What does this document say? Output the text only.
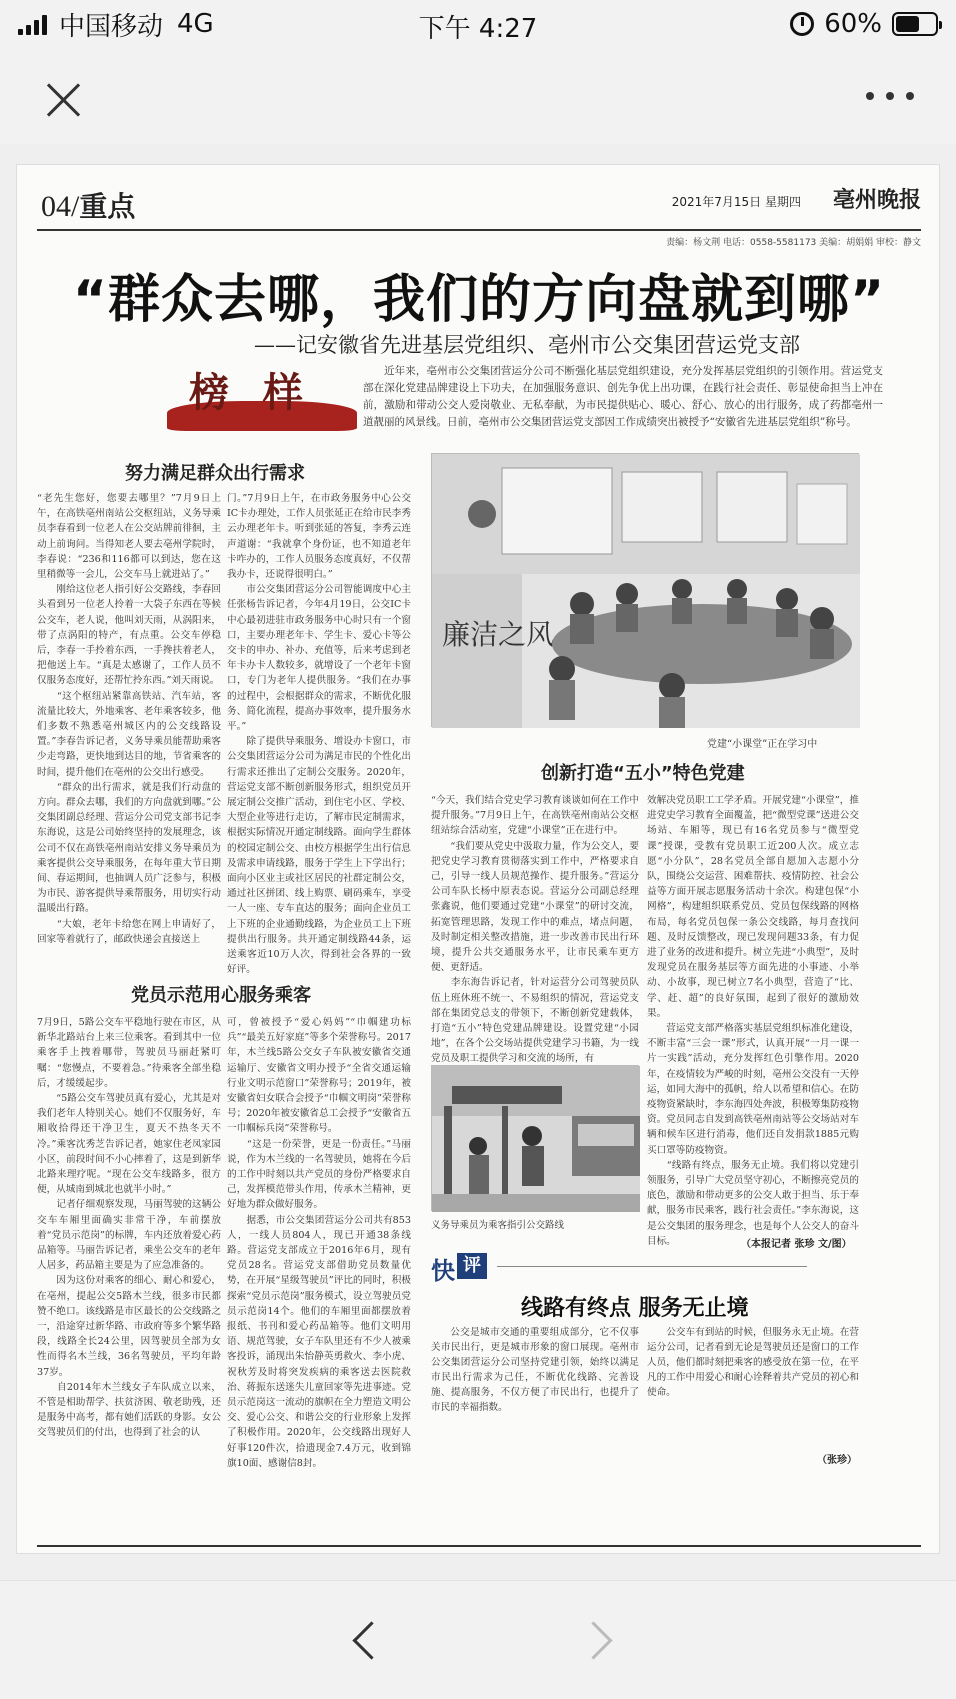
中国移动 4G	下午 4:27	60%
04/重点	2021年7月15日 星期四 亳州晚报
责编：杨文荆 电话：0558-5581173 美编：胡娟娟 审校：静文
“群众去哪，我们的方向盘就到哪”
——记安徽省先进基层党组织、亳州市公交集团营运党支部
榜 样	近年来，亳州市公交集团营运分公司不断强化基层党组织建设，充分发挥基层党组织的引领作用。营运党支部在深化党建品牌建设上下功夫，在加强服务意识、创先争优上出功课，在践行社会责任、彰显使命担当上冲在前，激励和带动公交人爱岗敬业、无私奉献，为市民提供贴心、暖心、舒心、放心的出行服务，成了药都亳州一道靓丽的风景线。日前，亳州市公交集团营运党支部因工作成绩突出被授予“安徽省先进基层党组织”称号。
努力满足群众出行需求
“老先生您好，您要去哪里？”7月9日上午，在高铁亳州南站公交枢纽站，义务导乘员李春看到一位老人在公交站牌前徘徊，主动上前询问。当得知老人要去亳州学院时，李春说：“236和116都可以到达，您在这里稍微等一会儿，公交车马上就进站了。”
　　刚给这位老人指引好公交路线，李春回头看到另一位老人拎着一大袋子东西在等候公交车，老人说，他叫刘天雨，从涡阳来，带了点涡阳的特产，有点重。公交车停稳后，李春一手拎着东西，一手搀扶着老人，把他送上车。“真是太感谢了，工作人员不仅服务态度好，还帮忙拎东西。”刘天雨说。
　　“这个枢纽站紧靠高铁站、汽车站，客流量比较大，外地乘客、老年乘客较多，他们多数不熟悉亳州城区内的公交线路设置。”李春告诉记者，义务导乘员能帮助乘客少走弯路，更快地到达目的地，节省乘客的时间，提升他们在亳州的公交出行感受。
　　“群众的出行需求，就是我们行动盘的方向。群众去哪，我们的方向盘就到哪。”公交集团副总经理、营运分公司党支部书记李东海说，这是公司始终坚持的发展理念，该公司不仅在高铁亳州南站安排义务导乘员为乘客提供公交导乘服务，在每年重大节日期间、春运期间，也抽调人员广泛参与，积极为市民、游客提供导乘帮服务，用切实行动温暖出行路。
　　“大娘，老年卡给您在网上申请好了，回家等着就行了，邮政快递会直接送上
门。”7月9日上午，在市政务服务中心公交IC卡办理处，工作人员张延正在给市民李秀云办理老年卡。听到张延的答复，李秀云连声道谢：“我就拿个身份证，也不知道老年卡咋办的，工作人员服务态度真好，不仅帮我办卡，还说得很明白。”
　　市公交集团营运分公司智能调度中心主任张杨告诉记者，今年4月19日，公交IC卡中心最初进驻市政务服务中心时只有一个窗口，主要办理老年卡、学生卡、爱心卡等公交卡的申办、补办、充值等，后来考虑到老年卡办卡人数较多，就增设了一个老年卡窗口，专门为老年人提供服务。“我们在办事的过程中，会根据群众的需求，不断优化服务、简化流程，提高办事效率，提升服务水平。”
　　除了提供导乘服务、增设办卡窗口，市公交集团营运分公司为满足市民的个性化出行需求还推出了定制公交服务。2020年，营运党支部不断创新服务形式，组织党员开展定制公交推广活动，到住宅小区、学校、大型企业等进行走访，了解市民定制需求，根据实际情况开通定制线路。面向学生群体的校园定制公交、由校方根据学生出行信息及需求申请线路，服务于学生上下学出行；面向小区业主或社区居民的社群定制公交，通过社区拼团、线上购票、刷码乘车，享受一人一座、专车直达的服务；面向企业员工上下班的企业通勤线路，为企业员工上下班提供出行服务。共开通定制线路44条，运送乘客近10万人次，得到社会各界的一致好评。
廉洁之风
党建“小课堂”正在学习中
党员示范用心服务乘客
7月9日，5路公交车平稳地行驶在市区，从新华北路站台上来三位乘客。看到其中一位乘客手上拽着哪带，驾驶员马丽赶紧叮嘱：“您慢点，不要着急。”待乘客全部坐稳后，才缓缓起步。
　　“5路公交车驾驶员真有爱心，尤其是对我们老年人特别关心。她们不仅服务好，车厢收拾得还干净卫生，夏天不热冬天不冷。”乘客沈秀芝告诉记者，她家住老凤家园小区，前段时间不小心摔着了，这是到新华北路来理疗呢。“现在公交车线路多，很方便，从城南到城北也就半小时。”
　　记者仔细观察发现，马丽驾驶的这辆公交车车厢里面确实非常干净，车前摆放着“党员示范岗”的标牌，车内还放着爱心药品箱等。马丽告诉记者，乘坐公交车的老年人居多，药品箱主要是为了应急准备的。
　　因为这份对乘客的细心、耐心和爱心，在亳州，提起公交5路木兰线，很多市民都赞不绝口。该线路是市区最长的公交线路之一，沿途穿过新华路、市政府等多个繁华路段，线路全长24公里，因驾驶员全部为女性而得名木兰线，36名驾驶员，平均年龄37岁。
　　自2014年木兰线女子车队成立以来，不管是相助帮学、扶贫济困、敬老助残，还是服务中高考，都有她们活跃的身影。女公交驾驶员们的付出，也得到了社会的认
可，曾被授予“爱心妈妈”“巾帼建功标兵”“最美五好家庭”等多个荣誉称号。2017年，木兰线5路公交女子车队被安徽省交通运输厅、安徽省文明办授予“全省交通运输行业文明示范窗口”荣誉称号；2019年，被安徽省妇女联合会授予“巾帼文明岗”荣誉称号；2020年被安徽省总工会授予“安徽省五一巾帼标兵岗”荣誉称号。
　　“这是一份荣誉，更是一份责任。”马丽说，作为木兰线的一名驾驶员，她将在今后的工作中时刻以共产党员的身份严格要求自己，发挥模范带头作用，传承木兰精神，更好地为群众做好服务。
　　据悉，市公交集团营运分公司共有853人，一线人员804人，现已开通38条线路。营运党支部成立于2016年6月，现有党员28名。营运党支部借助党员数量优势，在开展“星级驾驶员”评比的同时，积极探索“党员示范岗”服务模式，设立驾驶员党员示范岗14个。他们的车厢里面都摆放着报纸、书刊和爱心药品箱等。他们文明用语、规范驾驶，女子车队里还有不少人被乘客投诉，涌现出朱怡静英勇救火、李小虎、祝秋芳及时将突发疾病的乘客送去医院救治、蒋振东送迷失儿童回家等先进事迹。党员示范岗这一流动的旗帜在全力塑造文明公交、爱心公交、和谐公交的行业形象上发挥了积极作用。2020年，公交线路出现好人好事120件次，拾遗现金7.4万元，收到锦旗10面、感谢信8封。
创新打造“五小”特色党建
“今天，我们结合党史学习教育谈谈如何在工作中提升服务。”7月9日上午，在高铁亳州南站公交枢纽站综合活动室，党建“小课堂”正在进行中。
　　“我们要从党史中汲取力量，作为公交人，要把党史学习教育贯彻落实到工作中，严格要求自己，引导一线人员规范操作、提升服务。”营运分公司车队长杨中原表态说。营运分公司副总经理张鑫说，他们要通过党建“小课堂”的研讨交流，拓宽管理思路，发现工作中的难点，堵点问题，及时制定相关整改措施，进一步改善市民出行环境，提升公共交通服务水平，让市民乘车更方便、更舒适。
　　李东海告诉记者，针对运营分公司驾驶员队伍上班休班不统一、不易组织的情况，营运党支部在集团党总支的带领下，不断创新党建载体，打造“五小”特色党建品牌建设。设置党建“小园地”，在各个公交场站提供党建学习书籍，为一线党员及职工提供学习和交流的场所，有
效解决党员职工工学矛盾。开展党建“小课堂”，推进党史学习教育全面覆盖，把“微型党课”送进公交场站、车厢等，现已有16名党员参与“微型党课”授课，受教有党员职工近200人次。成立志愿“小分队”，28名党员全部自愿加入志愿小分队，围绕公交运营、困难帮扶、疫情防控、社会公益等方面开展志愿服务活动十余次。构建包保“小网格”，构建组织联系党员、党员包保线路的网格布局，每名党员包保一条公交线路，每月查找问题、及时反馈整改，现已发现问题33条，有力促进了业务的改进和提升。树立先进“小典型”，及时发现党员在服务基层等方面先进的小事迹、小举动、小故事，现已树立7名小典型，营造了“比、学、赶、超”的良好氛围，起到了很好的激励效果。
　　营运党支部严格落实基层党组织标准化建设，不断丰富“三会一课”形式，认真开展“一月一课一片一实践”活动，充分发挥红色引擎作用。2020年，在疫情较为严峻的时刻，亳州公交没有一天停运，如同大海中的孤帆，给人以希望和信心。在防疫物资紧缺时，李东海四处奔波，积极筹集防疫物资。党员同志自发到高铁亳州南站等公交场站对车辆和候车区进行消毒，他们还自发捐款1885元购买口罩等防疫物资。
　　“线路有终点，服务无止境。我们将以党建引领服务，引导广大党员坚守初心，不断擦亮党员的底色，激励和带动更多的公交人敢于担当、乐于奉献，服务市民乘客，践行社会责任。”李东海说，这是公交集团的服务理念，也是每个人公交人的奋斗目标。	（本报记者 张珍 文/图）
义务导乘员为乘客指引公交路线
快 评
线路有终点 服务无止境
公交是城市交通的重要组成部分，它不仅事关市民出行，更是城市形象的窗口展现。亳州市公交集团营运分公司坚持党建引领，始终以满足市民出行需求为己任，不断优化线路、完善设施、提高服务，不仅方便了市民出行，也提升了市民的幸福指数。
公交车有到站的时候，但服务永无止境。在营运分公司，记者看到无论是驾驶员还是窗口的工作人员，他们都时刻把乘客的感受放在第一位，在平凡的工作中用爱心和耐心诠释着共产党员的初心和使命。
（张珍）
